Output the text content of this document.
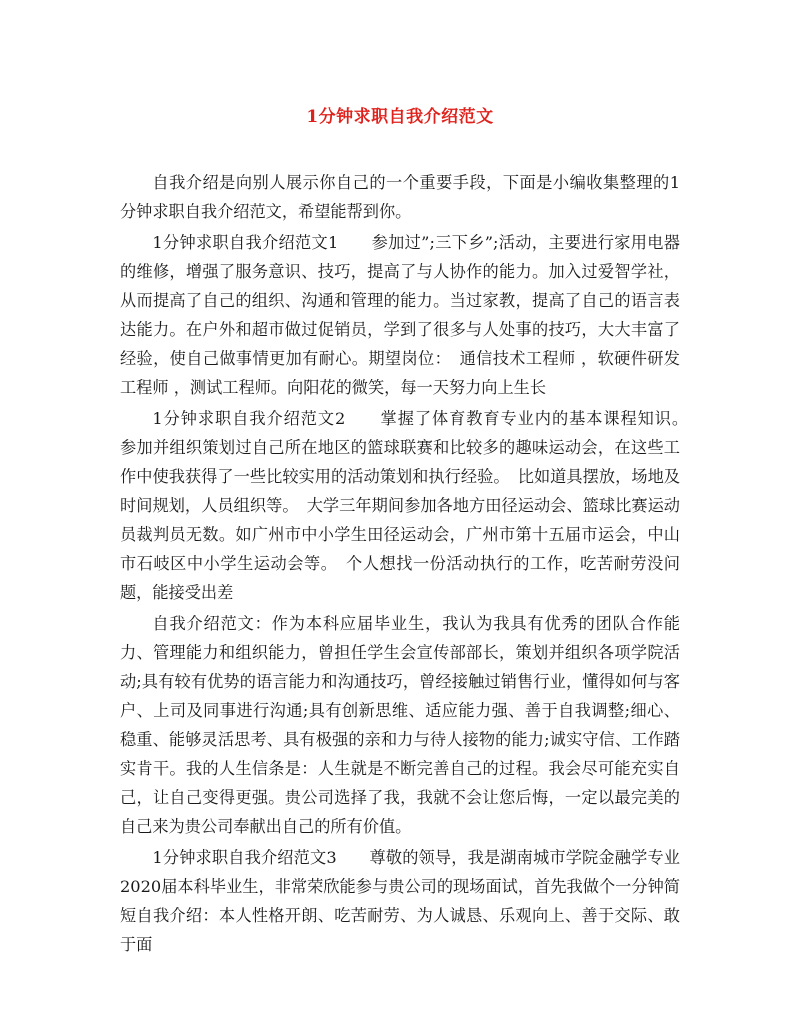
1分钟求职自我介绍范文

自我介绍是向别人展示你自己的一个重要手段，下面是小编收集整理的1分钟求职自我介绍范文，希望能帮到你。

1分钟求职自我介绍范文1　　参加过”;三下乡”;活动，主要进行家用电器的维修，增强了服务意识、技巧，提高了与人协作的能力。加入过爱智学社，从而提高了自己的组织、沟通和管理的能力。当过家教，提高了自己的语言表达能力。在户外和超市做过促销员，学到了很多与人处事的技巧，大大丰富了经验，使自己做事情更加有耐心。期望岗位：　通信技术工程师 ，软硬件研发工程师 ，测试工程师。向阳花的微笑，每一天努力向上生长

1分钟求职自我介绍范文2　　掌握了体育教育专业内的基本课程知识。　参加并组织策划过自己所在地区的篮球联赛和比较多的趣味运动会，在这些工作中使我获得了一些比较实用的活动策划和执行经验。　比如道具摆放，场地及时间规划，人员组织等。　大学三年期间参加各地方田径运动会、篮球比赛运动员裁判员无数。如广州市中小学生田径运动会，广州市第十五届市运会，中山市石岐区中小学生运动会等。　个人想找一份活动执行的工作，吃苦耐劳没问题，能接受出差

自我介绍范文：作为本科应届毕业生，我认为我具有优秀的团队合作能力、管理能力和组织能力，曾担任学生会宣传部部长，策划并组织各项学院活动;具有较有优势的语言能力和沟通技巧，曾经接触过销售行业，懂得如何与客户、上司及同事进行沟通;具有创新思维、适应能力强、善于自我调整;细心、稳重、能够灵活思考、具有极强的亲和力与待人接物的能力;诚实守信、工作踏实肯干。我的人生信条是：人生就是不断完善自己的过程。我会尽可能充实自己，让自己变得更强。贵公司选择了我，我就不会让您后悔，一定以最完美的自己来为贵公司奉献出自己的所有价值。

1分钟求职自我介绍范文3　　尊敬的领导，我是湖南城市学院金融学专业2020届本科毕业生，非常荣欣能参与贵公司的现场面试，首先我做个一分钟简短自我介绍：本人性格开朗、吃苦耐劳、为人诚恳、乐观向上、善于交际、敢于面
